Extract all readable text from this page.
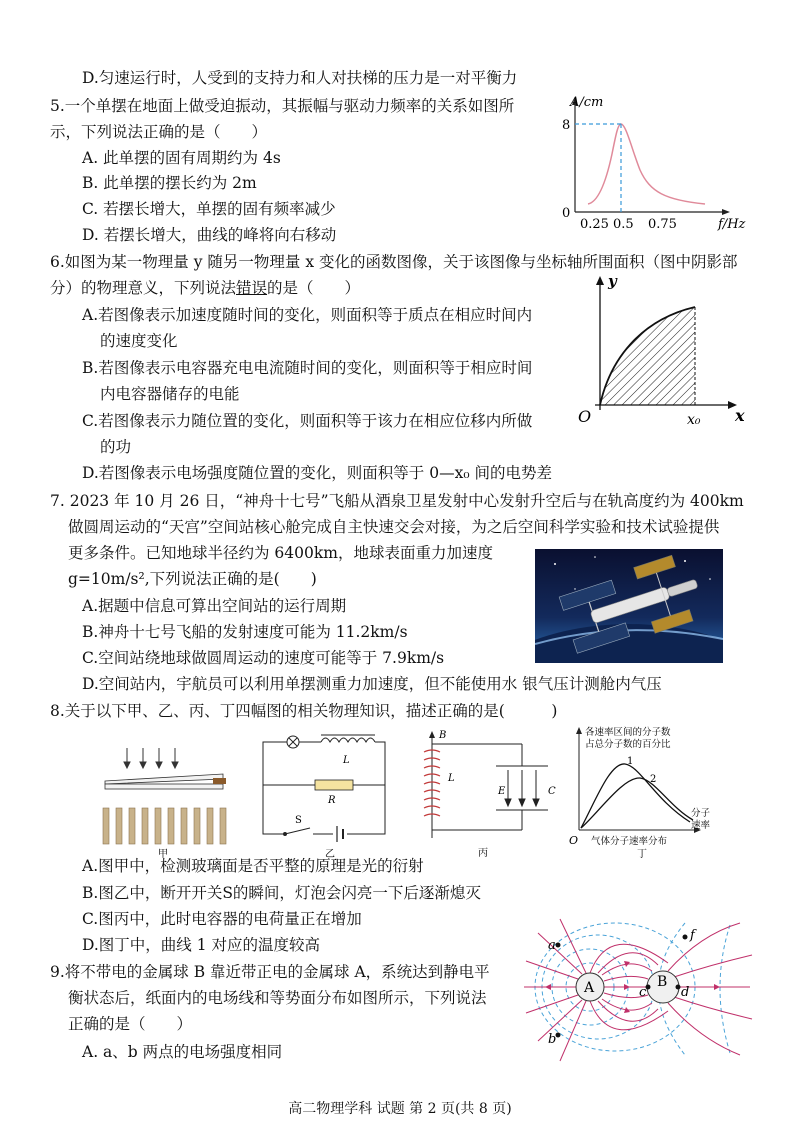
D.匀速运行时，人受到的支持力和人对扶梯的压力是一对平衡力
5.一个单摆在地面上做受迫振动，其振幅与驱动力频率的关系如图所
示，下列说法正确的是（　　）
A. 此单摆的固有周期约为 4s
B. 此单摆的摆长约为 2m
C. 若摆长增大，单摆的固有频率减少
D. 若摆长增大，曲线的峰将向右移动
6.如图为某一物理量 y 随另一物理量 x 变化的函数图像，关于该图像与坐标轴所围面积（图中阴影部
分）的物理意义，下列说法错误的是（　　）
A.若图像表示加速度随时间的变化，则面积等于质点在相应时间内
的速度变化
B.若图像表示电容器充电电流随时间的变化，则面积等于相应时间
内电容器储存的电能
C.若图像表示力随位置的变化，则面积等于该力在相应位移内所做
的功
D.若图像表示电场强度随位置的变化，则面积等于 0—x₀ 间的电势差
7. 2023 年 10 月 26 日，“神舟十七号”飞船从酒泉卫星发射中心发射升空后与在轨高度约为 400km
做圆周运动的“天宫”空间站核心舱完成自主快速交会对接，为之后空间科学实验和技术试验提供
更多条件。已知地球半径约为 6400km，地球表面重力加速度
g=10m/s²,下列说法正确的是(　　)
A.据题中信息可算出空间站的运行周期
B.神舟十七号飞船的发射速度可能为 11.2km/s
C.空间站绕地球做圆周运动的速度可能等于 7.9km/s
D.空间站内，宇航员可以利用单摆测重力加速度，但不能使用水 银气压计测舱内气压
8.关于以下甲、乙、丙、丁四幅图的相关物理知识，描述正确的是(　　　)
A.图甲中，检测玻璃面是否平整的原理是光的衍射
B.图乙中，断开开关S的瞬间，灯泡会闪亮一下后逐渐熄灭
C.图丙中，此时电容器的电荷量正在增加
D.图丁中，曲线 1 对应的温度较高
9.将不带电的金属球 B 靠近带正电的金属球 A，系统达到静电平
衡状态后，纸面内的电场线和等势面分布如图所示，下列说法
正确的是（　　）
A. a、b 两点的电场强度相同
高二物理学科 试题 第 2 页(共 8 页)
A/cm
8
0
0.25 0.5 0.75	f/Hz
y
O	x₀ x
甲
L
R
S
乙
B
L
E	C
丙
各速率区间的分子数
占总分子数的百分比
1
2
分子
速率
O 气体分子速率分布
丁
A	B
a
b
c	d
f
